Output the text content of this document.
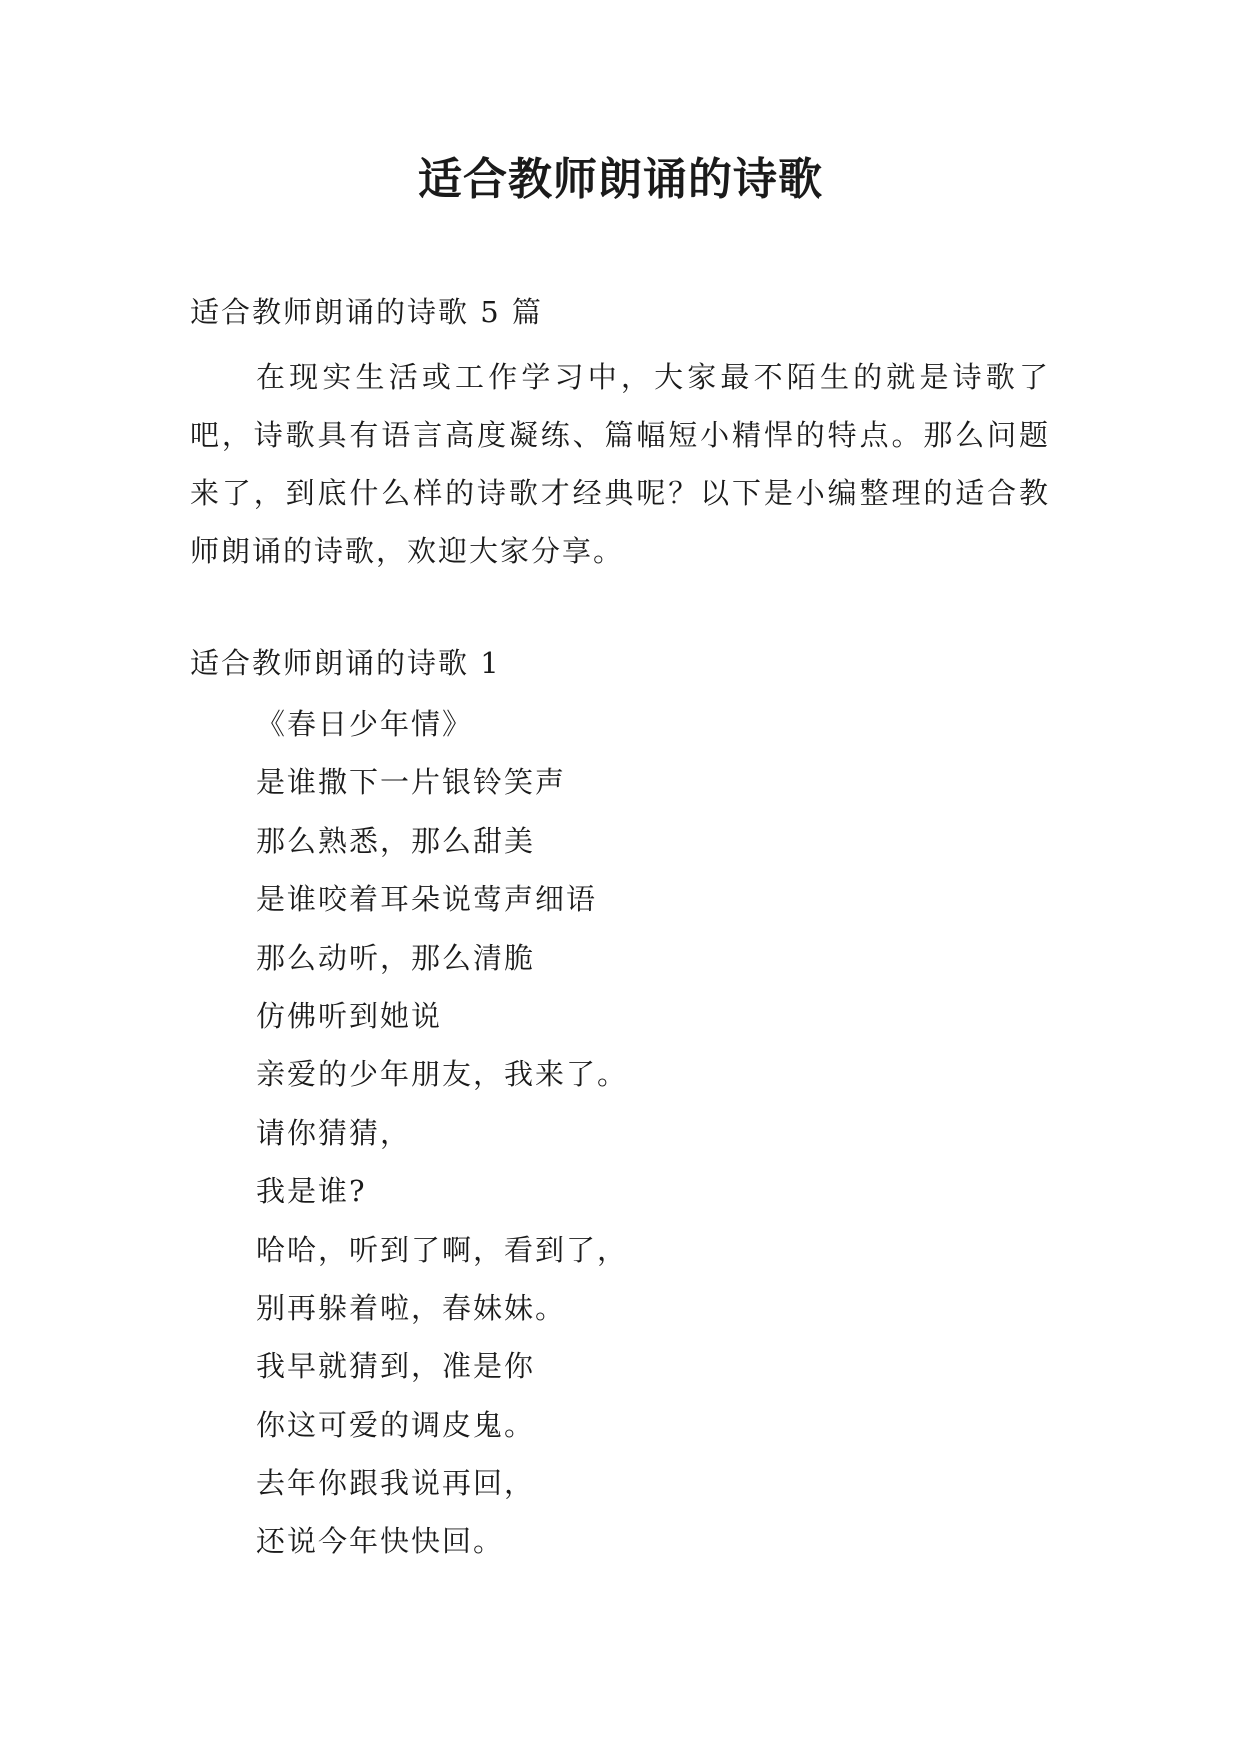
适合教师朗诵的诗歌

适合教师朗诵的诗歌 5 篇

在现实生活或工作学习中，大家最不陌生的就是诗歌了吧，诗歌具有语言高度凝练、篇幅短小精悍的特点。那么问题来了，到底什么样的诗歌才经典呢？以下是小编整理的适合教师朗诵的诗歌，欢迎大家分享。

适合教师朗诵的诗歌 1

《春日少年情》
是谁撒下一片银铃笑声
那么熟悉，那么甜美
是谁咬着耳朵说莺声细语
那么动听，那么清脆
仿佛听到她说
亲爱的少年朋友，我来了。
请你猜猜，
我是谁?
哈哈，听到了啊，看到了，
别再躲着啦，春妹妹。
我早就猜到，准是你
你这可爱的调皮鬼。
去年你跟我说再回，
还说今年快快回。
